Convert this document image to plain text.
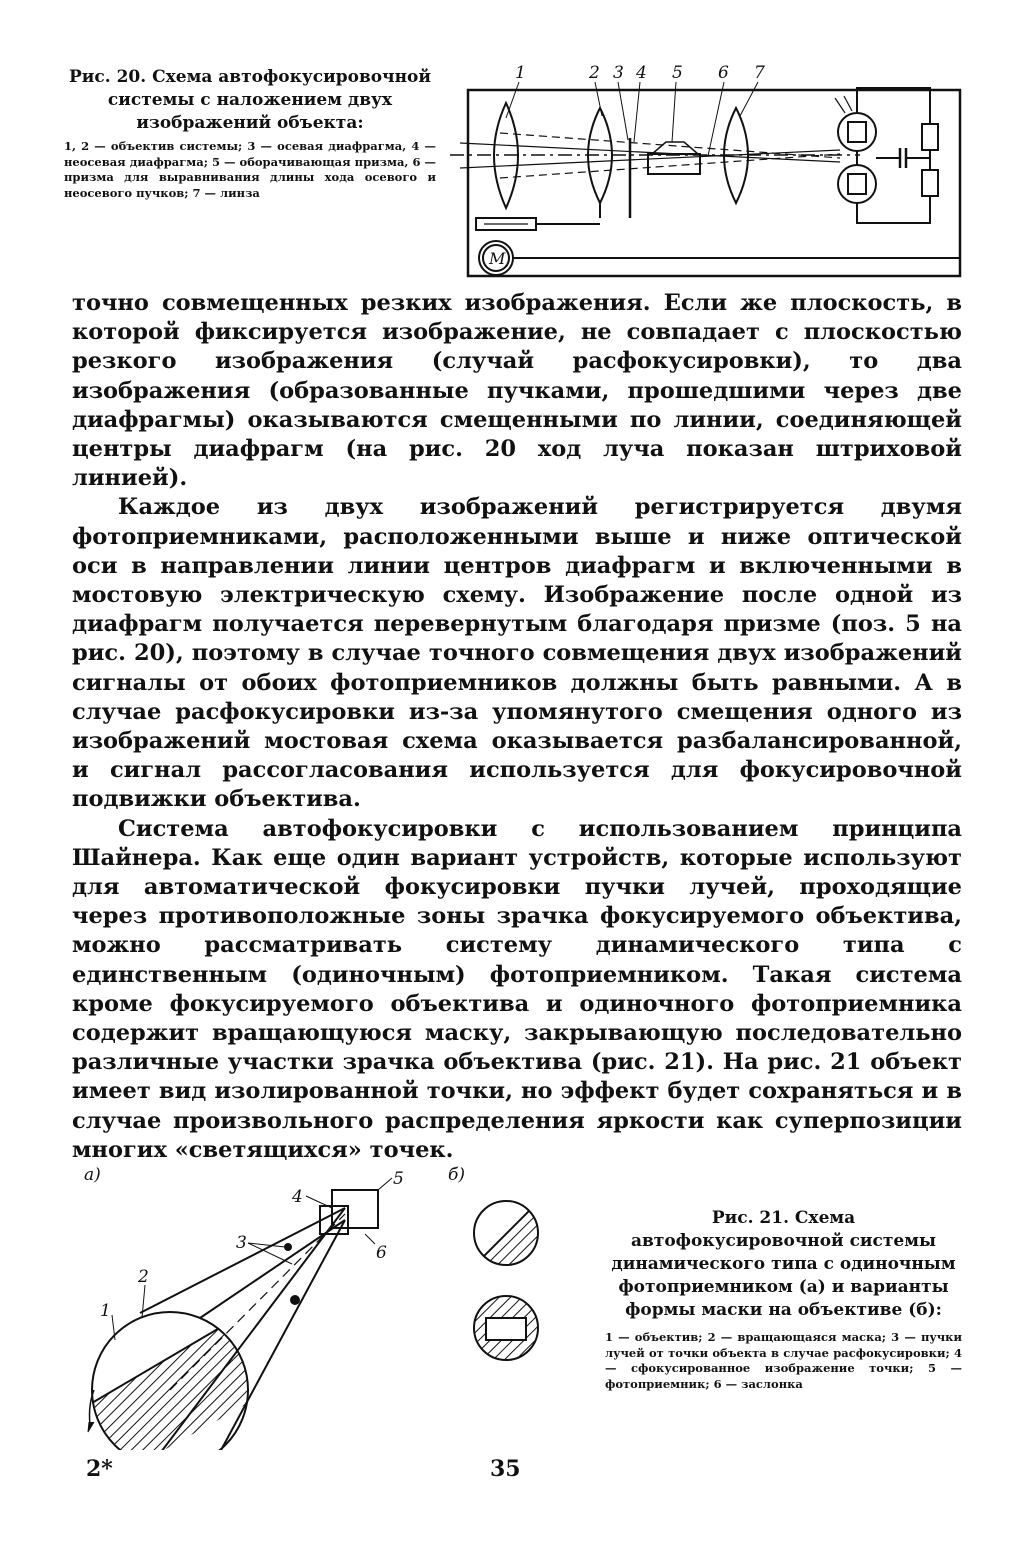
Рис. 20. Схема автофокусировочной системы с наложением двух изображений объекта:

1, 2 — объектив системы; 3 — осевая диафрагма, 4 — неосевая диафрагма; 5 — оборачивающая призма, 6 — призма для выравнивания длины хода осевого и неосевого пучков; 7 — линза

1	2 3 4 5 6 7
M

точно совмещенных резких изображения. Если же плоскость, в которой фиксируется изображение, не совпадает с плоскостью резкого изображения (случай расфокусировки), то два изображения (образованные пучками, прошедшими через две диафрагмы) оказываются смещенными по линии, соединяющей центры диафрагм (на рис. 20 ход луча показан штриховой линией).

Каждое из двух изображений регистрируется двумя фотоприемниками, расположенными выше и ниже оптической оси в направлении линии центров диафрагм и включенными в мостовую электрическую схему. Изображение после одной из диафрагм получается перевернутым благодаря призме (поз. 5 на рис. 20), поэтому в случае точного совмещения двух изображений сигналы от обоих фотоприемников должны быть равными. А в случае расфокусировки из-за упомянутого смещения одного из изображений мостовая схема оказывается разбалансированной, и сигнал рассогласования используется для фокусировочной подвижки объектива.

Система автофокусировки с использованием принципа Шайнера. Как еще один вариант устройств, которые используют для автоматической фокусировки пучки лучей, проходящие через противоположные зоны зрачка фокусируемого объектива, можно рассматривать систему динамического типа с единственным (одиночным) фотоприемником. Такая система кроме фокусируемого объектива и одиночного фотоприемника содержит вращающуюся маску, закрывающую последовательно различные участки зрачка объектива (рис. 21). На рис. 21 объект имеет вид изолированной точки, но эффект будет сохраняться и в случае произвольного распределения яркости как суперпозиции многих «светящихся» точек.

а)	б)
1
2
3
4
5
6

Рис. 21. Схема автофокусировочной системы динамического типа с одиночным фотоприемником (а) и варианты формы маски на объективе (б):

1 — объектив; 2 — вращающаяся маска; 3 — пучки лучей от точки объекта в случае расфокусировки; 4 — сфокусированное изображение точки; 5 — фотоприемник; 6 — заслонка

2*	35
